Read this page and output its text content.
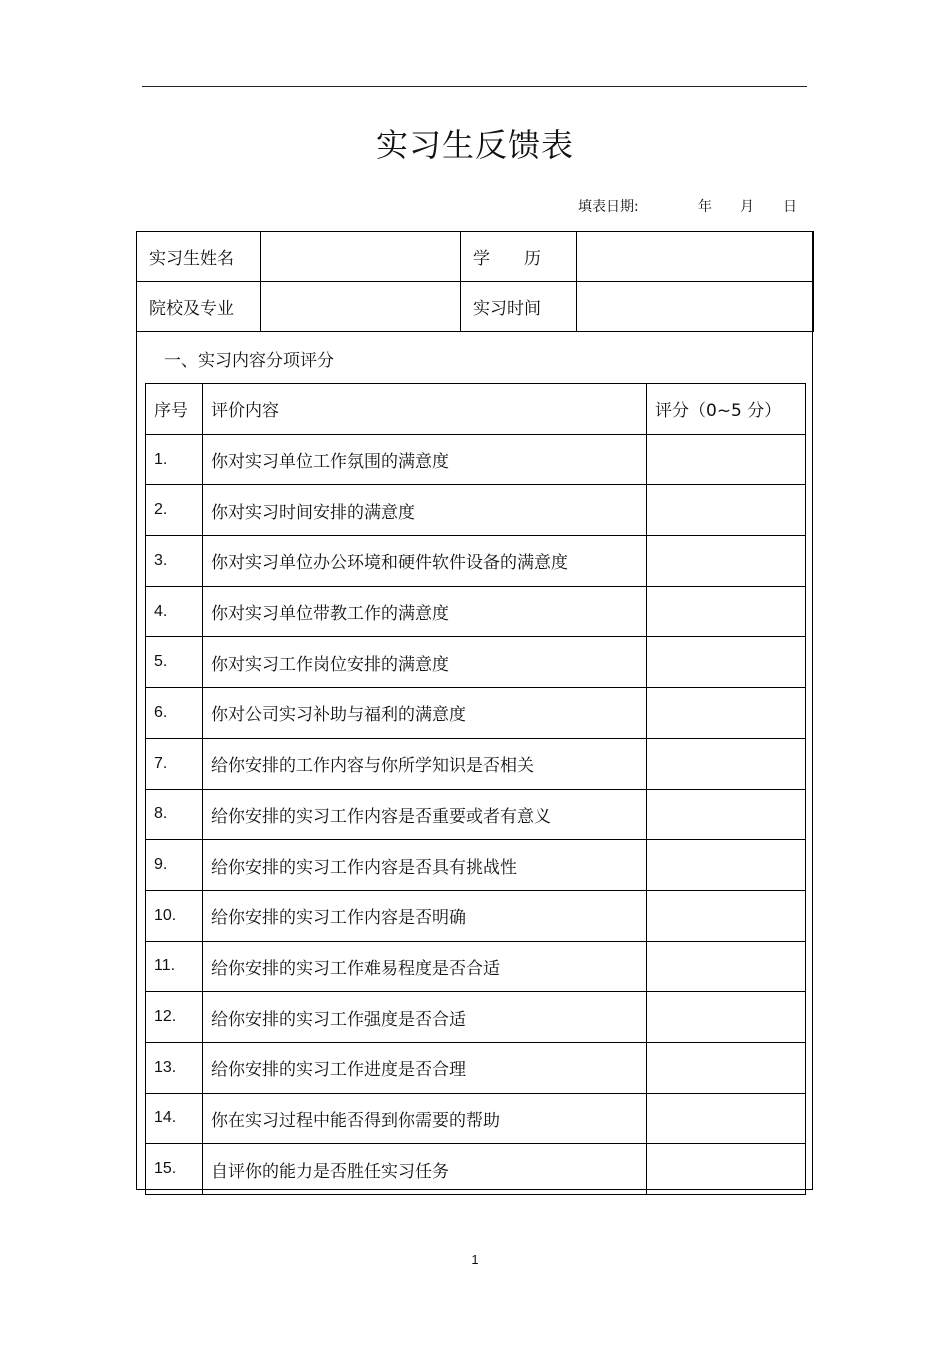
实习生反馈表
填表日期:	年 月 日
实习生姓名		学　　历	
院校及专业		实习时间	
一、实习内容分项评分
序号	评价内容	评分（0~5 分）
1.	你对实习单位工作氛围的满意度	
2.	你对实习时间安排的满意度	
3.	你对实习单位办公环境和硬件软件设备的满意度	
4.	你对实习单位带教工作的满意度	
5.	你对实习工作岗位安排的满意度	
6.	你对公司实习补助与福利的满意度	
7.	给你安排的工作内容与你所学知识是否相关	
8.	给你安排的实习工作内容是否重要或者有意义	
9.	给你安排的实习工作内容是否具有挑战性	
10.	给你安排的实习工作内容是否明确	
11.	给你安排的实习工作难易程度是否合适	
12.	给你安排的实习工作强度是否合适	
13.	给你安排的实习工作进度是否合理	
14.	你在实习过程中能否得到你需要的帮助	
15.	自评你的能力是否胜任实习任务	
1
